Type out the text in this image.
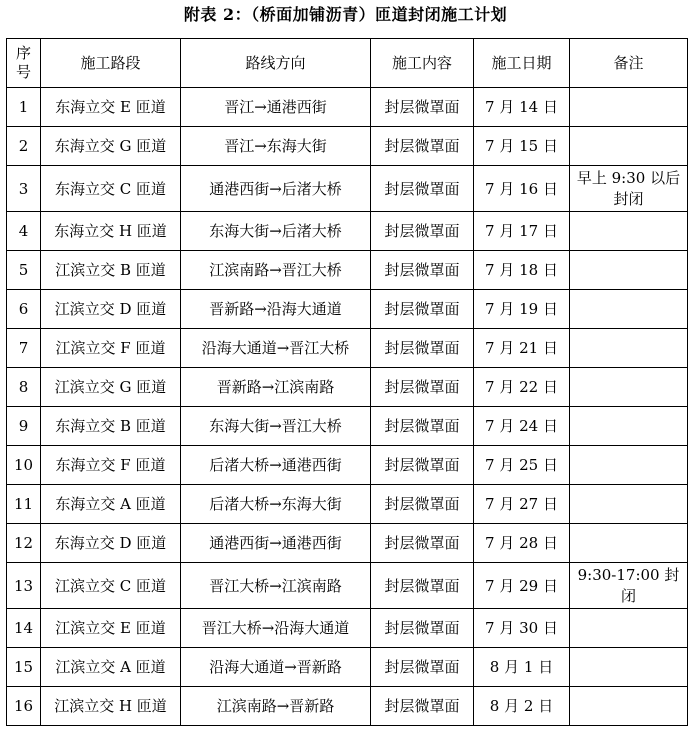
附表 2：（桥面加铺沥青）匝道封闭施工计划
序号	施工路段	路线方向	施工内容	施工日期	备注
1	东海立交 E 匝道	晋江→通港西街	封层微罩面	7 月 14 日	
2	东海立交 G 匝道	晋江→东海大街	封层微罩面	7 月 15 日	
3	东海立交 C 匝道	通港西街→后渚大桥	封层微罩面	7 月 16 日	早上 9:30 以后封闭
4	东海立交 H 匝道	东海大街→后渚大桥	封层微罩面	7 月 17 日	
5	江滨立交 B 匝道	江滨南路→晋江大桥	封层微罩面	7 月 18 日	
6	江滨立交 D 匝道	晋新路→沿海大通道	封层微罩面	7 月 19 日	
7	江滨立交 F 匝道	沿海大通道→晋江大桥	封层微罩面	7 月 21 日	
8	江滨立交 G 匝道	晋新路→江滨南路	封层微罩面	7 月 22 日	
9	东海立交 B 匝道	东海大街→晋江大桥	封层微罩面	7 月 24 日	
10	东海立交 F 匝道	后渚大桥→通港西街	封层微罩面	7 月 25 日	
11	东海立交 A 匝道	后渚大桥→东海大街	封层微罩面	7 月 27 日	
12	东海立交 D 匝道	通港西街→通港西街	封层微罩面	7 月 28 日	
13	江滨立交 C 匝道	晋江大桥→江滨南路	封层微罩面	7 月 29 日	9:30-17:00 封闭
14	江滨立交 E 匝道	晋江大桥→沿海大通道	封层微罩面	7 月 30 日	
15	江滨立交 A 匝道	沿海大通道→晋新路	封层微罩面	8 月 1 日	
16	江滨立交 H 匝道	江滨南路→晋新路	封层微罩面	8 月 2 日	
